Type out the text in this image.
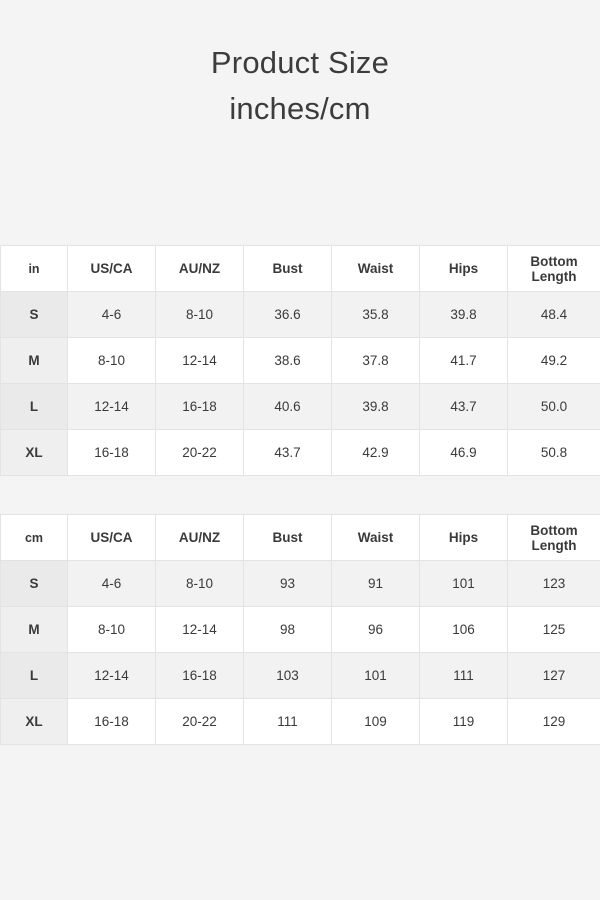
Product Size
inches/cm
in	US/CA	AU/NZ	Bust	Waist	Hips	Bottom
Length

S	4-6	8-10	36.6	35.8	39.8	48.4
M	8-10	12-14	38.6	37.8	41.7	49.2
L	12-14	16-18	40.6	39.8	43.7	50.0
XL	16-18	20-22	43.7	42.9	46.9	50.8
cm	US/CA	AU/NZ	Bust	Waist	Hips	Bottom
Length

S	4-6	8-10	93	91	101	123
M	8-10	12-14	98	96	106	125
L	12-14	16-18	103	101	111	127
XL	16-18	20-22	111	109	119	129
